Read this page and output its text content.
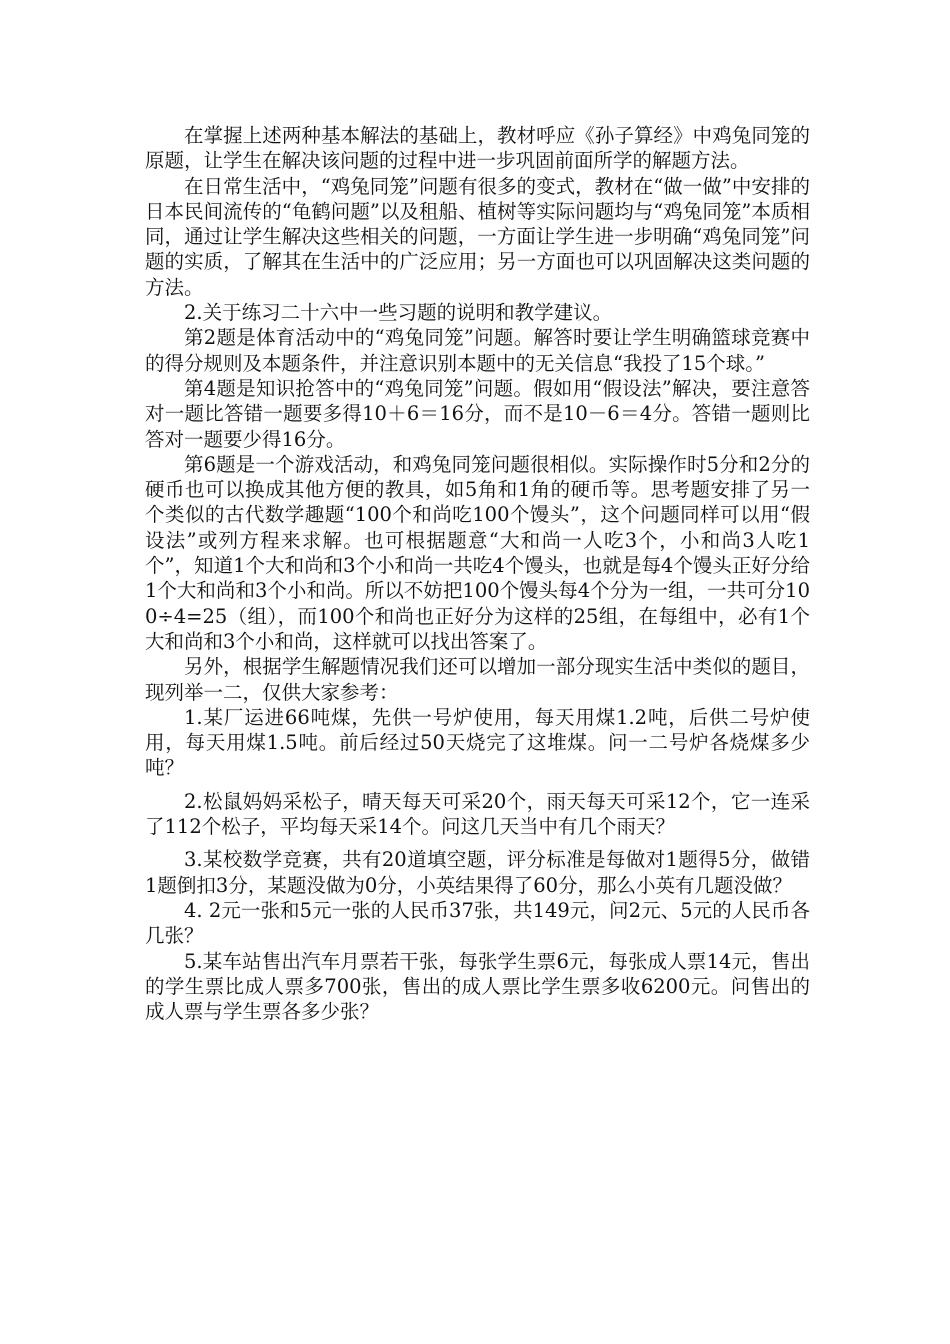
在掌握上述两种基本解法的基础上，教材呼应《孙子算经》中鸡兔同笼的原题，让学生在解决该问题的过程中进一步巩固前面所学的解题方法。

在日常生活中，“鸡兔同笼”问题有很多的变式，教材在“做一做”中安排的日本民间流传的“龟鹤问题”以及租船、植树等实际问题均与“鸡兔同笼”本质相同，通过让学生解决这些相关的问题，一方面让学生进一步明确“鸡兔同笼”问题的实质，了解其在生活中的广泛应用；另一方面也可以巩固解决这类问题的方法。

2.关于练习二十六中一些习题的说明和教学建议。

第2题是体育活动中的“鸡兔同笼”问题。解答时要让学生明确篮球竞赛中的得分规则及本题条件，并注意识别本题中的无关信息“我投了15个球。”

第4题是知识抢答中的“鸡兔同笼”问题。假如用“假设法”解决，要注意答对一题比答错一题要多得10＋6＝16分，而不是10－6＝4分。答错一题则比答对一题要少得16分。

第6题是一个游戏活动，和鸡兔同笼问题很相似。实际操作时5分和2分的硬币也可以换成其他方便的教具，如5角和1角的硬币等。思考题安排了另一个类似的古代数学趣题“100个和尚吃100个馒头”，这个问题同样可以用“假设法”或列方程来求解。也可根据题意“大和尚一人吃3个，小和尚3人吃1个”，知道1个大和尚和3个小和尚一共吃4个馒头，也就是每4个馒头正好分给1个大和尚和3个小和尚。所以不妨把100个馒头每4个分为一组，一共可分100÷4=25（组），而100个和尚也正好分为这样的25组，在每组中，必有1个大和尚和3个小和尚，这样就可以找出答案了。

另外，根据学生解题情况我们还可以增加一部分现实生活中类似的题目，现列举一二，仅供大家参考：

1.某厂运进66吨煤，先供一号炉使用，每天用煤1.2吨，后供二号炉使用，每天用煤1.5吨。前后经过50天烧完了这堆煤。问一二号炉各烧煤多少吨？

2.松鼠妈妈采松子，晴天每天可采20个，雨天每天可采12个，它一连采了112个松子，平均每天采14个。问这几天当中有几个雨天？

3.某校数学竞赛，共有20道填空题，评分标准是每做对1题得5分，做错1题倒扣3分，某题没做为0分，小英结果得了60分，那么小英有几题没做？

4. 2元一张和5元一张的人民币37张，共149元，问2元、5元的人民币各几张？

5.某车站售出汽车月票若干张，每张学生票6元，每张成人票14元，售出的学生票比成人票多700张，售出的成人票比学生票多收6200元。问售出的成人票与学生票各多少张？
